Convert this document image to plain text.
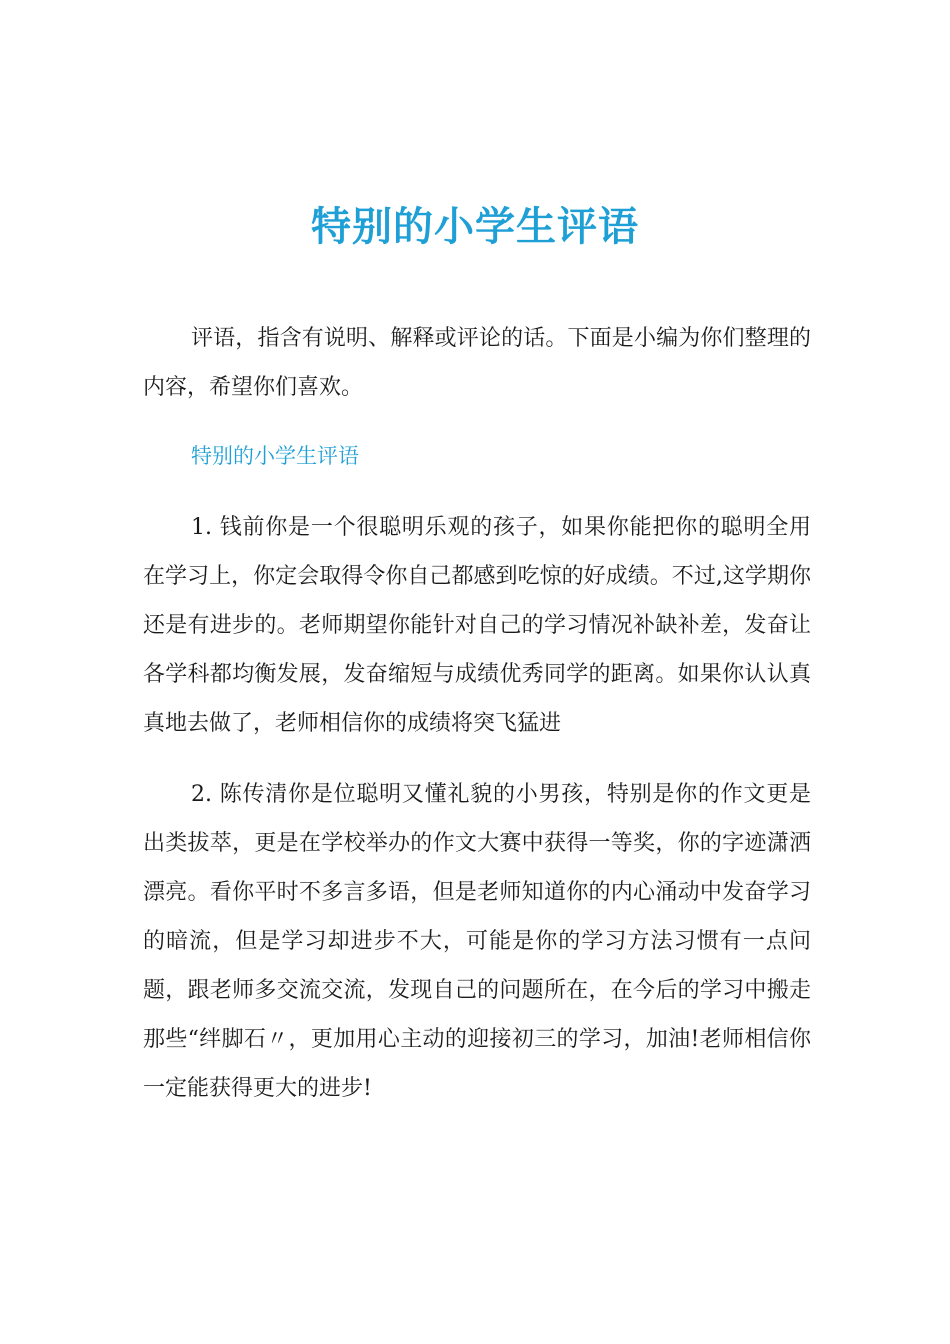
特别的小学生评语

评语，指含有说明、解释或评论的话。下面是小编为你们整理的内容，希望你们喜欢。

特别的小学生评语

1. 钱前你是一个很聪明乐观的孩子，如果你能把你的聪明全用在学习上，你定会取得令你自己都感到吃惊的好成绩。不过,这学期你还是有进步的。老师期望你能针对自己的学习情况补缺补差，发奋让各学科都均衡发展，发奋缩短与成绩优秀同学的距离。如果你认认真真地去做了，老师相信你的成绩将突飞猛进

2. 陈传清你是位聪明又懂礼貌的小男孩，特别是你的作文更是出类拔萃，更是在学校举办的作文大赛中获得一等奖，你的字迹潇洒漂亮。看你平时不多言多语，但是老师知道你的内心涌动中发奋学习的暗流，但是学习却进步不大，可能是你的学习方法习惯有一点问题，跟老师多交流交流，发现自己的问题所在，在今后的学习中搬走那些“绊脚石〃，更加用心主动的迎接初三的学习，加油!老师相信你一定能获得更大的进步!
